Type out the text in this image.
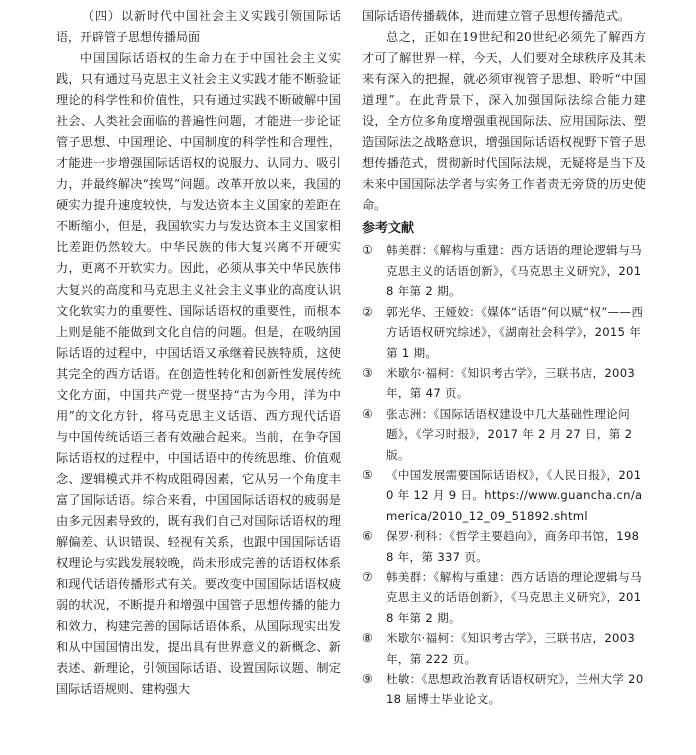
（四）以新时代中国社会主义实践引领国际话语，开辟管子思想传播局面

中国国际话语权的生命力在于中国社会主义实践，只有通过马克思主义社会主义实践才能不断验证理论的科学性和价值性，只有通过实践不断破解中国社会、人类社会面临的普遍性问题，才能进一步论证管子思想、中国理论、中国制度的科学性和合理性，才能进一步增强国际话语权的说服力、认同力、吸引力，并最终解决“挨骂”问题。改革开放以来，我国的硬实力提升速度较快，与发达资本主义国家的差距在不断缩小，但是，我国软实力与发达资本主义国家相比差距仍然较大。中华民族的伟大复兴离不开硬实力，更离不开软实力。因此，必须从事关中华民族伟大复兴的高度和马克思主义社会主义事业的高度认识文化软实力的重要性、国际话语权的重要性，而根本上则是能不能做到文化自信的问题。但是，在吸纳国际话语的过程中，中国话语又承继着民族特质，这使其完全的西方话语。在创造性转化和创新性发展传统文化方面，中国共产党一贯坚持“古为今用，洋为中用”的文化方针，将马克思主义话语、西方现代话语与中国传统话语三者有效融合起来。当前，在争夺国际话语权的过程中，中国话语中的传统思维、价值观念、逻辑模式并不构成阻碍因素，它从另一个角度丰富了国际话语。综合来看，中国国际话语权的疲弱是由多元因素导致的，既有我们自己对国际话语权的理解偏差、认识错误、轻视有关系，也跟中国国际话语权理论与实践发展较晚，尚未形成完善的话语权体系和现代话语传播形式有关。要改变中国国际话语权疲弱的状况，不断提升和增强中国管子思想传播的能力和效力，构建完善的国际话语体系，从国际现实出发和从中国国情出发，提出具有世界意义的新概念、新表述、新理论，引领国际话语、设置国际议题、制定国际话语规则、建构强大

国际话语传播载体，进而建立管子思想传播范式。

总之，正如在19世纪和20世纪必须先了解西方才可了解世界一样，今天，人们要对全球秩序及其未来有深入的把握，就必须审视管子思想、聆听“中国道理”。在此背景下，深入加强国际法综合能力建设，全方位多角度增强重视国际法、应用国际法、塑造国际法之战略意识，增强国际话语权视野下管子思想传播范式，贯彻新时代国际法规，无疑将是当下及未来中国国际法学者与实务工作者责无旁贷的历史使命。

参考文献
①	韩美群：《解构与重建：西方话语的理论逻辑与马克思主义的话语创新》，《马克思主义研究》，2018 年第 2 期。
②	郭光华、王娅姣：《媒体“话语”何以赋“权”——西方话语权研究综述》，《湖南社会科学》，2015 年第 1 期。
③	米歇尔·福柯：《知识考古学》，三联书店，2003 年，第 47 页。
④	张志洲：《国际话语权建设中几大基础性理论问题》，《学习时报》，2017 年 2 月 27 日，第 2 版。
⑤	《中国发展需要国际话语权》，《人民日报》，2010 年 12 月 9 日。https://www.guancha.cn/america/2010_12_09_51892.shtml
⑥	保罗·利科：《哲学主要趋向》，商务印书馆，1988 年，第 337 页。
⑦	韩美群：《解构与重建：西方话语的理论逻辑与马克思主义的话语创新》，《马克思主义研究》，2018 年第 2 期。
⑧	米歇尔·福柯：《知识考古学》，三联书店，2003 年，第 222 页。
⑨	杜敏：《思想政治教育话语权研究》，兰州大学 2018 届博士毕业论文。
